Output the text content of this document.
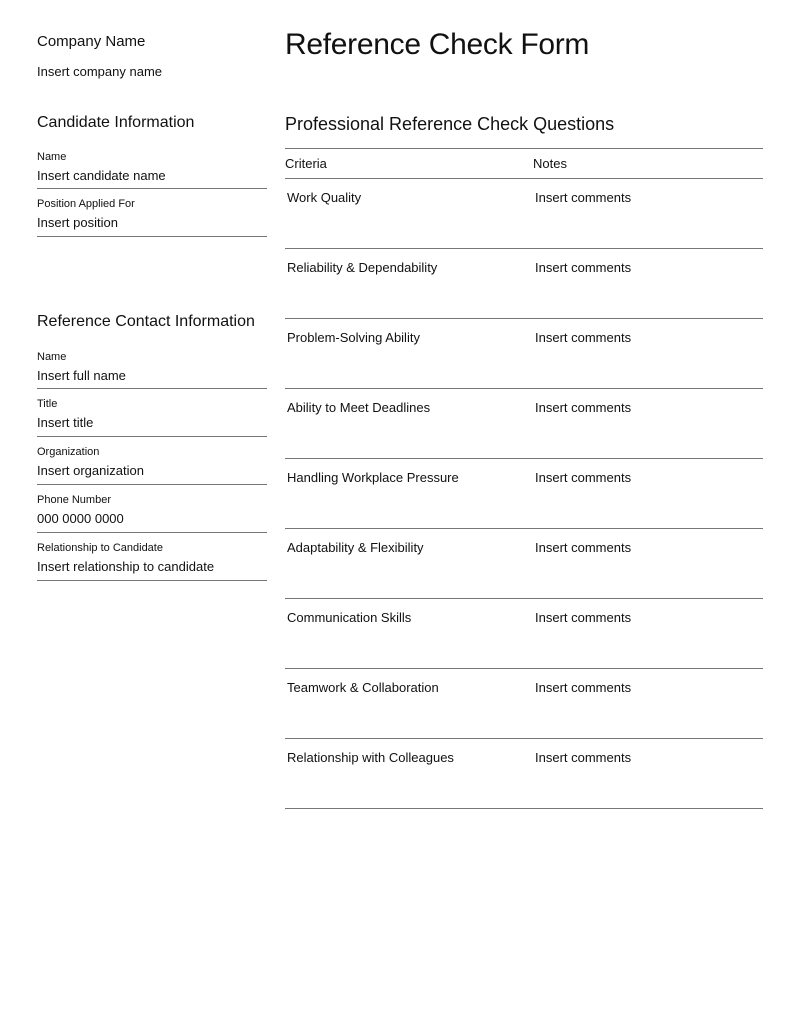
Company Name
Insert company name
Reference Check Form
Candidate Information
Name
Insert candidate name
Position Applied For
Insert position
Reference Contact Information
Name
Insert full name
Title
Insert title
Organization
Insert organization
Phone Number
000 0000 0000
Relationship to Candidate
Insert relationship to candidate
Professional Reference Check Questions
Criteria	Notes
Work Quality	Insert comments
Reliability & Dependability	Insert comments
Problem-Solving Ability	Insert comments
Ability to Meet Deadlines	Insert comments
Handling Workplace Pressure	Insert comments
Adaptability & Flexibility	Insert comments
Communication Skills	Insert comments
Teamwork & Collaboration	Insert comments
Relationship with Colleagues	Insert comments
